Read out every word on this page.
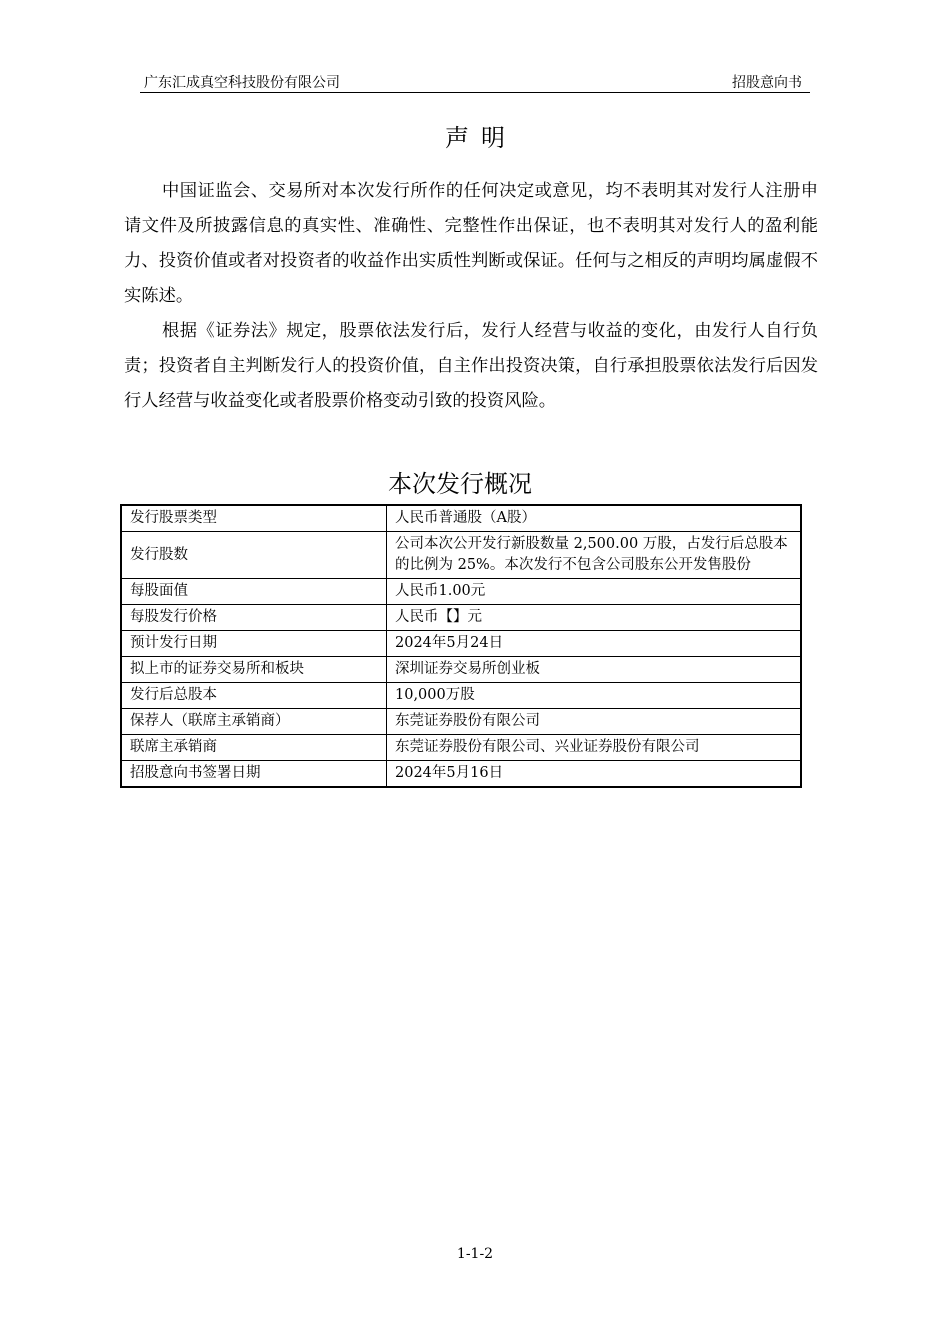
广东汇成真空科技股份有限公司	招股意向书
声明

中国证监会、交易所对本次发行所作的任何决定或意见，均不表明其对发行人注册申请文件及所披露信息的真实性、准确性、完整性作出保证，也不表明其对发行人的盈利能力、投资价值或者对投资者的收益作出实质性判断或保证。任何与之相反的声明均属虚假不实陈述。

根据《证券法》规定，股票依法发行后，发行人经营与收益的变化，由发行人自行负责；投资者自主判断发行人的投资价值，自主作出投资决策，自行承担股票依法发行后因发行人经营与收益变化或者股票价格变动引致的投资风险。

本次发行概况
发行股票类型	人民币普通股（A股）
发行股数	公司本次公开发行新股数量 2,500.00 万股，占发行后总股本的比例为 25%。本次发行不包含公司股东公开发售股份
每股面值	人民币1.00元
每股发行价格	人民币【】元
预计发行日期	2024年5月24日
拟上市的证券交易所和板块	深圳证券交易所创业板
发行后总股本	10,000万股
保荐人（联席主承销商）	东莞证券股份有限公司
联席主承销商	东莞证券股份有限公司、兴业证券股份有限公司
招股意向书签署日期	2024年5月16日
1-1-2
